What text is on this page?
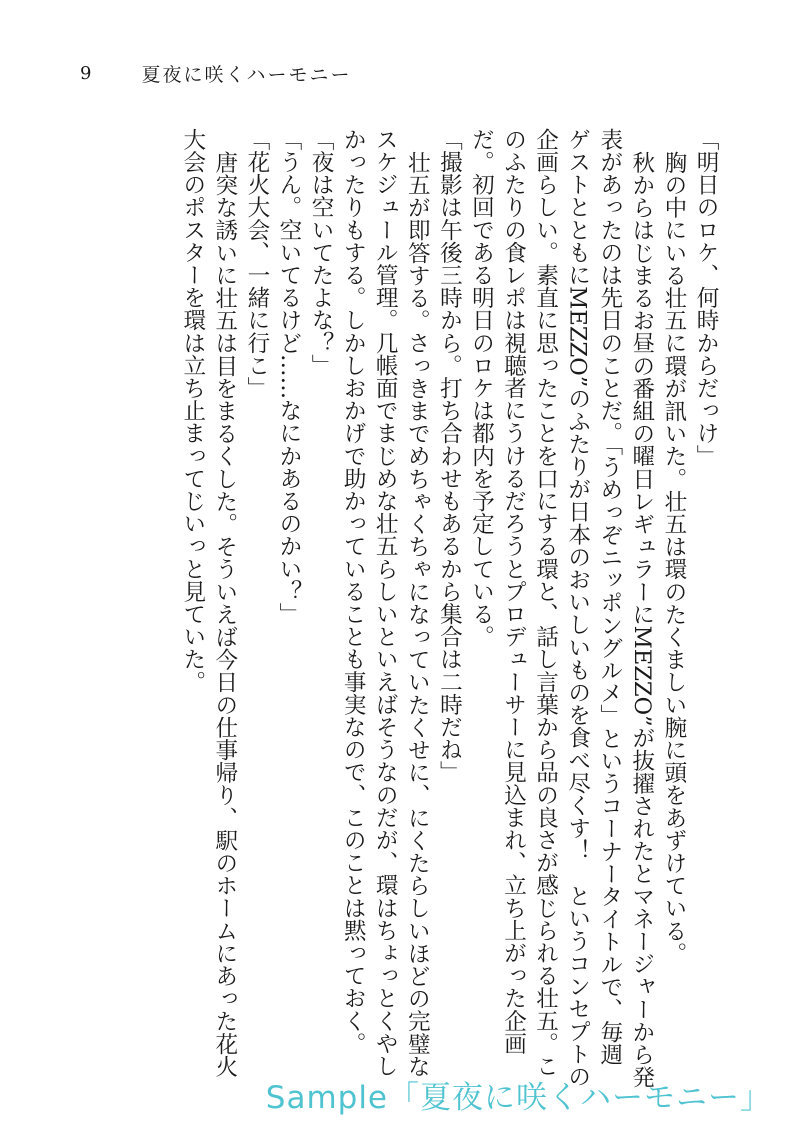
9	夏夜に咲くハーモニー

「明日のロケ、何時からだっけ」

胸の中にいる壮五に環が訊いた。壮五は環のたくましい腕に頭をあずけている。

秋からはじまるお昼の番組の曜日レギュラーにMEZZO”が抜擢されたとマネージャーから発表があったのは先日のことだ。「うめっぞニッポングルメ」というコーナータイトルで、毎週ゲストとともにMEZZO”のふたりが日本のおいしいものを食べ尽くす！　というコンセプトの企画らしい。素直に思ったことを口にする環と、話し言葉から品の良さが感じられる壮五。このふたりの食レポは視聴者にうけるだろうとプロデューサーに見込まれ、立ち上がった企画だ。初回である明日のロケは都内を予定している。

「撮影は午後三時から。打ち合わせもあるから集合は二時だね」

壮五が即答する。さっきまでめちゃくちゃになっていたくせに、にくたらしいほどの完璧なスケジュール管理。几帳面でまじめな壮五らしいといえばそうなのだが、環はちょっとくやしかったりもする。しかしおかげで助かっていることも事実なので、このことは黙っておく。

「夜は空いてたよな？」

「うん。空いてるけど……なにかあるのかい？」

「花火大会、一緒に行こ」

唐突な誘いに壮五は目をまるくした。そういえば今日の仕事帰り、駅のホームにあった花火大会のポスターを環は立ち止まってじいっと見ていた。

Sample「夏夜に咲くハーモニー」
